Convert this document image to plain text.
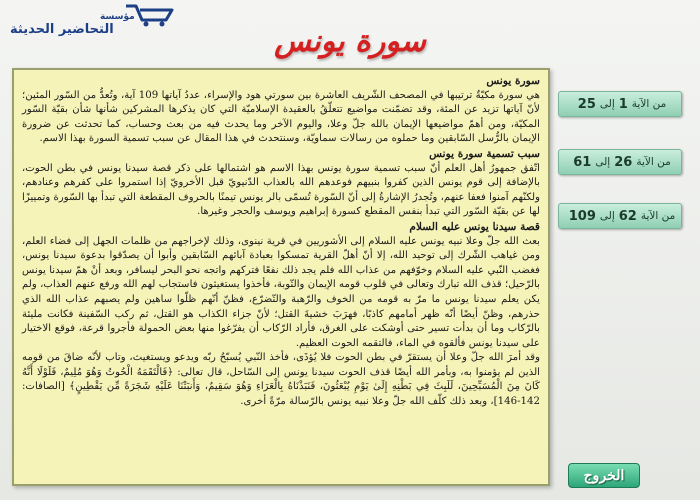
مؤسسة
التحاضير الحديثة	سورة يونس
سورة يونس

هي سورة مكيّةٌ ترتيبها في المصحف الشّريف العاشرة بين سورتي هود والإسراء، عددُ آياتها 109 آية، وتُعدُّ من السّور المئين؛ لأنّ آياتها تزيد عن المئة، وقد تضمّنت مواضيع تتعلّقُ بالعقيدة الإسلاميّة التي كان يذكرها المشركين شأنها شأن بقيّة السّور المكيّة، ومن أهمّ مواضيعها الإيمان بالله جلّ وعلا، واليوم الآخر وما يحدث فيه من بعث وحساب، كما تحدثت عن ضرورة الإيمان بالرُّسل السّابقين وما حملوه من رسالات سماويّة، وسنتحدث في هذا المقال عن سبب تسمية السورة بهذا الاسم.

سبب تسمية سورة يونس

اتّفق جمهورُ أهل العلم أنّ سبب تسمية سورة يونس بهذا الاسم هو اشتمالها على ذكر قصة سيدنا يونس في بطن الحوت، بالإضافة إلى قوم يونس الذين كفروا بنبيهم فوعدهم الله بالعذاب الدّنيويّ قبل الأخرويّ إذا استمروا على كفرهم وعنادهم، ولكنّهم آمنوا فعفا عنهم، وتُجدرُ الإشارةُ إلى أنّ السّورة تُسمّى بالر يونس تيمنًا بالحروف المقطعة التي تبدأ بها السّورة وتمييزًا لها عن بقيّة السّور التي تبدأ بنفس المقطع كسورة إبراهيم ويوسف والحجر وغيرها.

قصة سيدنا يونس عليه السلام

بعث الله جلّ وعلا نبيه يونس عليه السلام إلى الأشوريين في قرية نينوى، وذلك لإخراجهم من ظلمات الجهل إلى فضاء العلم، ومن غياهب الشّرك إلى توحيد الله، إلا أنّ أهلّ القرية تمسكوا بعبادة آبائهم السّابقين وأبوا أن يصدّقوا بدعوة سيدنا يونس، فغضب النّبي عليه السلام وخوّفهم من عذاب الله فلم يجد ذلك نفعًا فتركهم واتجه نحو البحر ليسافر، وبعد أنْ همّ سيدنا يونس بالرّحيل؛ قذف الله تبارك وتعالى في قلوب قومه الإيمان والتّوبة، فأخذوا يستغيثون فاستجاب لهم الله ورفع عنهم العذاب، ولم يكن يعلم سيدنا يونس ما مرّ به قومه من الخوف والرّهبة والتّضرّع، فظنّ أنّهم ظلّوا ساهين ولم يصبهم عذاب الله الذي حذرهم، وظنّ أيضًا أنّه ظهر أمامهم كاذبًا، فهرَبَ خشيةَ القتل؛ لأنّ جزاء الكذاب هو القتل، ثم ركب السّفينة فكانت مليئة بالرّكاب وما أن بدأت تسير حتى أوشكت على الغرق، فأراد الرّكاب أن يفرّغوا منها بعض الحمولة فأجروا قرعة، فوقع الاختيار على سيدنا يونس فألقوه في الماء، فالتقمه الحوت العظيم.

وقد أمرَ الله جلّ وعلا أن يستقرّ في بطن الحوت فلا يُؤذَى، فأخذ النّبي يُسبّحُ ربّه ويدعو ويستغيث، وتاب لأنّه ضاقَ من قومه الذين لم يؤمنوا به، وبأمر الله أيضًا قذف الحوت سيدنا يونس إلى السّاحل، قال تعالى: ﴿فَالْتَقَمَهُ الْحُوتُ وَهُوَ مُلِيمٌ، فَلَوْلَا أَنَّهُ كَانَ مِنَ الْمُسَبِّحِينَ، لَلَبِثَ فِي بَطْنِهِ إِلَىٰ يَوْمِ يُبْعَثُونَ، فَنَبَذْنَاهُ بِالْعَرَاءِ وَهُوَ سَقِيمٌ، وَأَنبَتْنَا عَلَيْهِ شَجَرَةً مِّن يَقْطِينٍ﴾ [الصافات: 142-146]، وبعد ذلك كلّف الله جلّ وعلا نبيه يونس بالرّسالة مرّةً أخرى.

من الآية
1
إلى
25
من الآية
26
إلى
61
من الآية
62
إلى
109
الخروج
